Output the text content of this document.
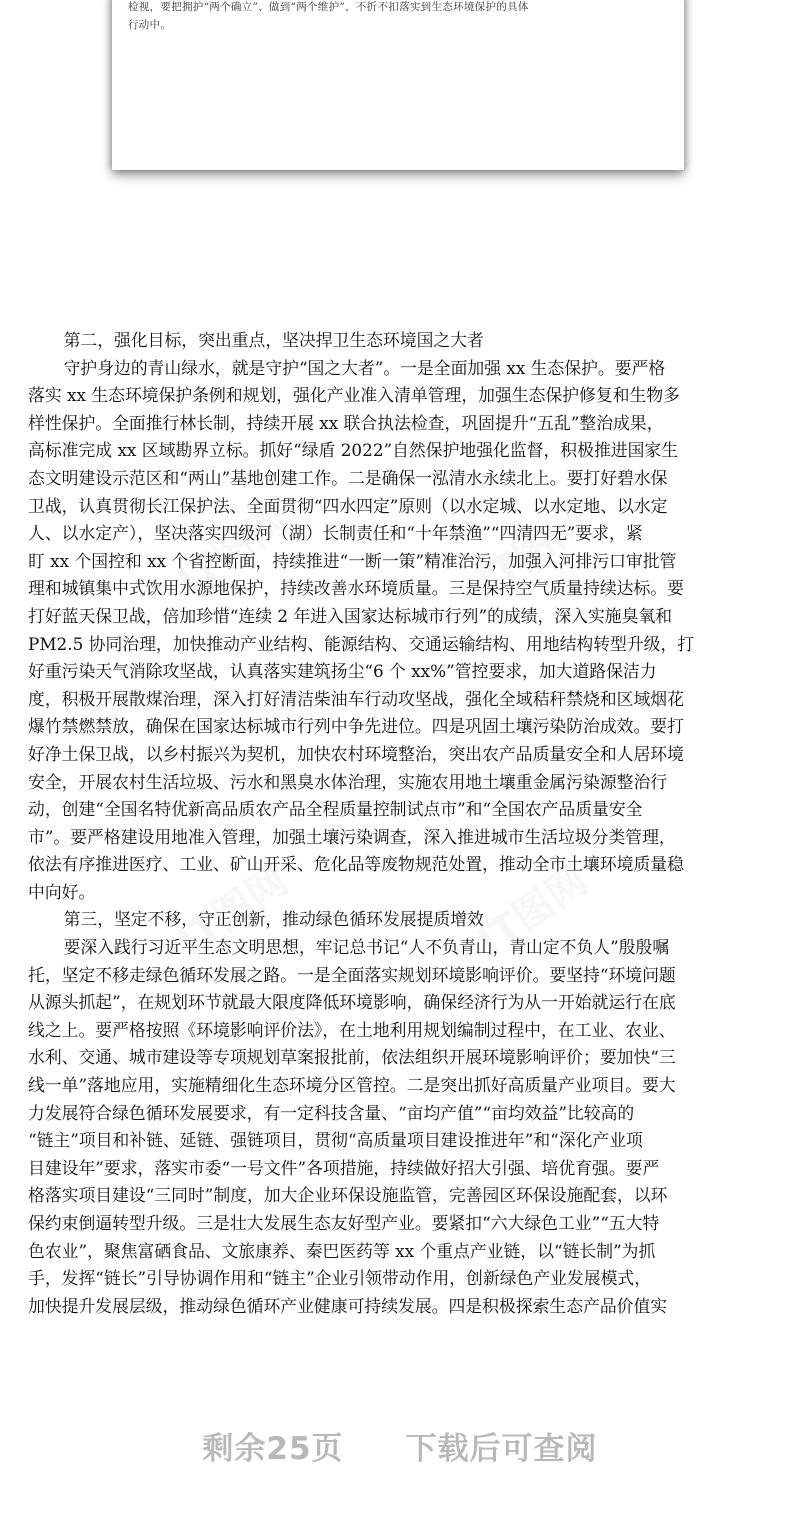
检视，要把拥护“两个确立”、做到“两个维护”，不折不扣落实到生态环境保护的具体
行动中。
第二，强化目标，突出重点，坚决捍卫生态环境国之大者
守护身边的青山绿水，就是守护“国之大者”。一是全面加强 xx 生态保护。要严格
落实 xx 生态环境保护条例和规划，强化产业准入清单管理，加强生态保护修复和生物多
样性保护。全面推行林长制，持续开展 xx 联合执法检查，巩固提升“五乱”整治成果，
高标准完成 xx 区域勘界立标。抓好“绿盾 2022”自然保护地强化监督，积极推进国家生
态文明建设示范区和“两山”基地创建工作。二是确保一泓清水永续北上。要打好碧水保
卫战，认真贯彻长江保护法、全面贯彻“四水四定”原则（以水定城、以水定地、以水定
人、以水定产），坚决落实四级河（湖）长制责任和“十年禁渔”“四清四无”要求，紧
盯 xx 个国控和 xx 个省控断面，持续推进“一断一策”精准治污，加强入河排污口审批管
理和城镇集中式饮用水源地保护，持续改善水环境质量。三是保持空气质量持续达标。要
打好蓝天保卫战，倍加珍惜“连续 2 年进入国家达标城市行列”的成绩，深入实施臭氧和
PM2.5 协同治理，加快推动产业结构、能源结构、交通运输结构、用地结构转型升级，打
好重污染天气消除攻坚战，认真落实建筑扬尘“6 个 xx%”管控要求，加大道路保洁力
度，积极开展散煤治理，深入打好清洁柴油车行动攻坚战，强化全域秸秆禁烧和区域烟花
爆竹禁燃禁放，确保在国家达标城市行列中争先进位。四是巩固土壤污染防治成效。要打
好净土保卫战，以乡村振兴为契机，加快农村环境整治，突出农产品质量安全和人居环境
安全，开展农村生活垃圾、污水和黑臭水体治理，实施农用地土壤重金属污染源整治行
动，创建“全国名特优新高品质农产品全程质量控制试点市”和“全国农产品质量安全
市”。要严格建设用地准入管理，加强土壤污染调查，深入推进城市生活垃圾分类管理，
依法有序推进医疗、工业、矿山开采、危化品等废物规范处置，推动全市土壤环境质量稳
中向好。
第三，坚定不移，守正创新，推动绿色循环发展提质增效
要深入践行习近平生态文明思想，牢记总书记“人不负青山，青山定不负人”殷殷嘱
托，坚定不移走绿色循环发展之路。一是全面落实规划环境影响评价。要坚持“环境问题
从源头抓起”，在规划环节就最大限度降低环境影响，确保经济行为从一开始就运行在底
线之上。要严格按照《环境影响评价法》，在土地利用规划编制过程中，在工业、农业、
水利、交通、城市建设等专项规划草案报批前，依法组织开展环境影响评价；要加快“三
线一单”落地应用，实施精细化生态环境分区管控。二是突出抓好高质量产业项目。要大
力发展符合绿色循环发展要求，有一定科技含量、“亩均产值”“亩均效益”比较高的
“链主”项目和补链、延链、强链项目，贯彻“高质量项目建设推进年”和“深化产业项
目建设年”要求，落实市委“一号文件”各项措施，持续做好招大引强、培优育强。要严
格落实项目建设“三同时”制度，加大企业环保设施监管，完善园区环保设施配套，以环
保约束倒逼转型升级。三是壮大发展生态友好型产业。要紧扣“六大绿色工业”“五大特
色农业”，聚焦富硒食品、文旅康养、秦巴医药等 xx 个重点产业链，以“链长制”为抓
手，发挥“链长”引导协调作用和“链主”企业引领带动作用，创新绿色产业发展模式，
加快提升发展层级，推动绿色循环产业健康可持续发展。四是积极探索生态产品价值实
剩余25页 下载后可查阅
